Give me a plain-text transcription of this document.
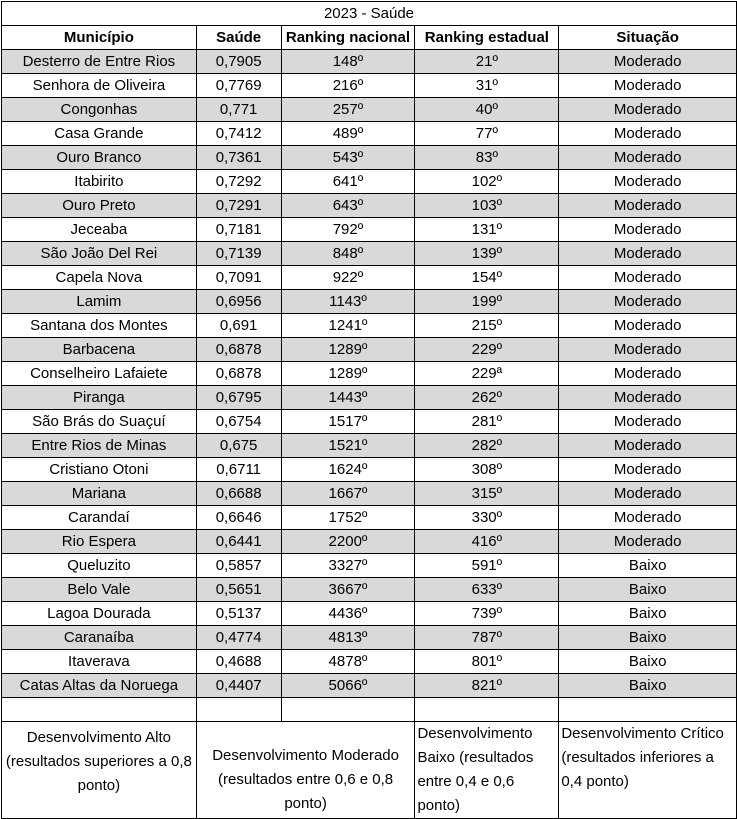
2023 - Saúde				
Município	Saúde	Ranking nacional	Ranking estadual	Situação
Desterro de Entre Rios	0,7905	148º	21º	Moderado
Senhora de Oliveira	0,7769	216º	31º	Moderado
Congonhas	0,771	257º	40º	Moderado
Casa Grande	0,7412	489º	77º	Moderado
Ouro Branco	0,7361	543º	83º	Moderado
Itabirito	0,7292	641º	102º	Moderado
Ouro Preto	0,7291	643º	103º	Moderado
Jeceaba	0,7181	792º	131º	Moderado
São João Del Rei	0,7139	848º	139º	Moderado
Capela Nova	0,7091	922º	154º	Moderado
Lamim	0,6956	1143º	199º	Moderado
Santana dos Montes	0,691	1241º	215º	Moderado
Barbacena	0,6878	1289º	229º	Moderado
Conselheiro Lafaiete	0,6878	1289º	229ª	Moderado
Piranga	0,6795	1443º	262º	Moderado
São Brás do Suaçuí	0,6754	1517º	281º	Moderado
Entre Rios de Minas	0,675	1521º	282º	Moderado
Cristiano Otoni	0,6711	1624º	308º	Moderado
Mariana	0,6688	1667º	315º	Moderado
Carandaí	0,6646	1752º	330º	Moderado
Rio Espera	0,6441	2200º	416º	Moderado
Queluzito	0,5857	3327º	591º	Baixo
Belo Vale	0,5651	3667º	633º	Baixo
Lagoa Dourada	0,5137	4436º	739º	Baixo
Caranaíba	0,4774	4813º	787º	Baixo
Itaverava	0,4688	4878º	801º	Baixo
Catas Altas da Noruega	0,4407	5066º	821º	Baixo

Desenvolvimento Alto (resultados superiores a 0,8 ponto)	Desenvolvimento Moderado (resultados entre 0,6 e 0,8 ponto)		Desenvolvimento Baixo (resultados entre 0,4 e 0,6 ponto)	Desenvolvimento Crítico (resultados inferiores a 0,4 ponto)
